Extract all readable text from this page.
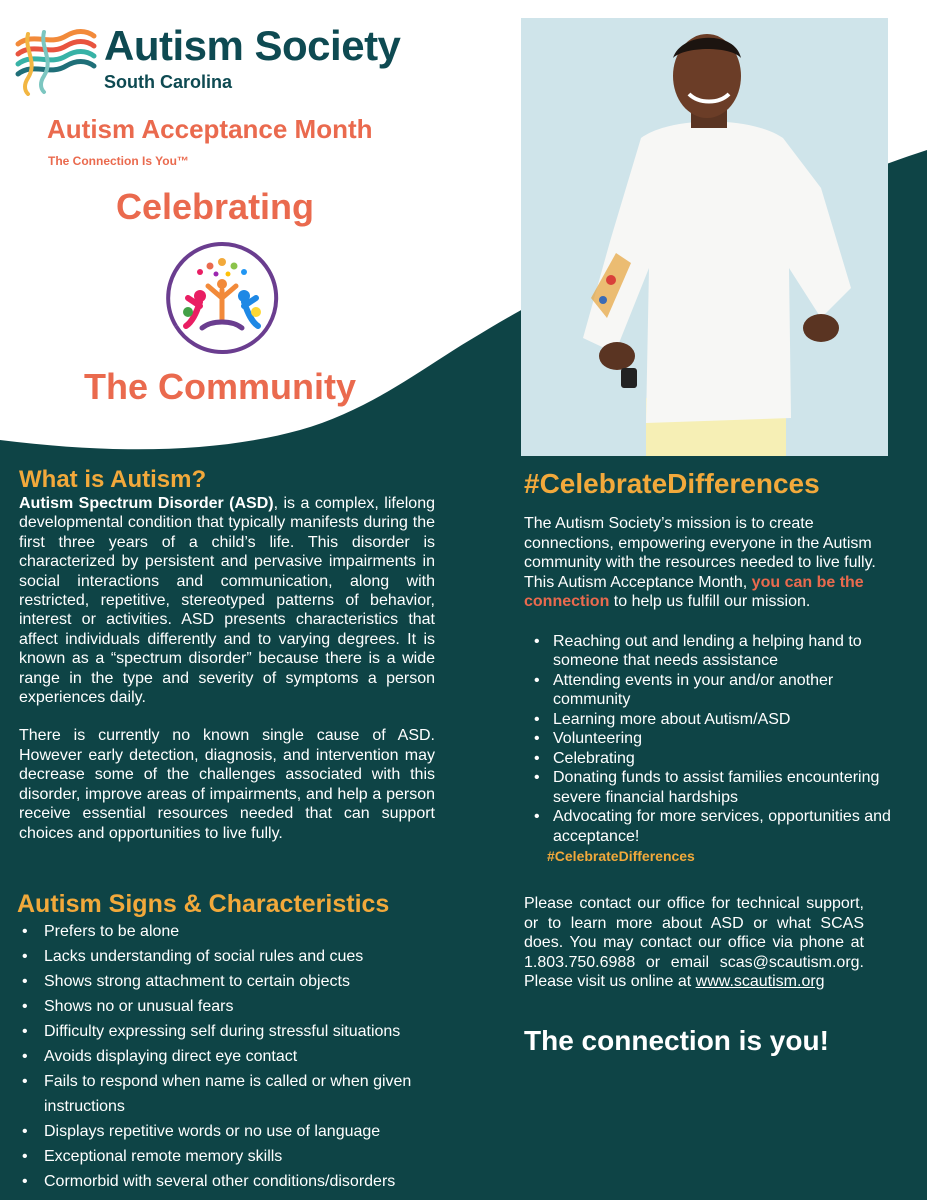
Autism Society
South Carolina
Autism Acceptance Month
The Connection Is You™
Celebrating
The Community
What is Autism?

Autism Spectrum Disorder (ASD), is a complex, lifelong developmental condition that typically manifests during the first three years of a child’s life. This disorder is characterized by persistent and pervasive impairments in social interactions and communication, along with restricted, repetitive, stereotyped patterns of behavior, interest or activities. ASD presents characteristics that affect individuals differently and to varying degrees. It is known as a “spectrum disorder” because there is a wide range in the type and severity of symptoms a person experiences daily.

There is currently no known single cause of ASD. However early detection, diagnosis, and intervention may decrease some of the challenges associated with this disorder, improve areas of impairments, and help a person receive essential resources needed that can support choices and opportunities to live fully.

Autism Signs & Characteristics
• Prefers to be alone
• Lacks understanding of social rules and cues
• Shows strong attachment to certain objects
• Shows no or unusual fears
• Difficulty expressing self during stressful situations
• Avoids displaying direct eye contact
• Fails to respond when name is called or when given instructions
• Displays repetitive words or no use of language
• Exceptional remote memory skills
• Cormorbid with several other conditions/disorders
#CelebrateDifferences

The Autism Society’s mission is to create connections, empowering everyone in the Autism community with the resources needed to live fully. This Autism Acceptance Month, you can be the connection to help us fulfill our mission.

• Reaching out and lending a helping hand to someone that needs assistance
• Attending events in your and/or another community
• Learning more about Autism/ASD
• Volunteering
• Celebrating
• Donating funds to assist families encountering severe financial hardships
• Advocating for more services, opportunities and acceptance!
#CelebrateDifferences

Please contact our office for technical support, or to learn more about ASD or what SCAS does. You may contact our office via phone at 1.803.750.6988 or email scas@scautism.org. Please visit us online at www.scautism.org

The connection is you!
